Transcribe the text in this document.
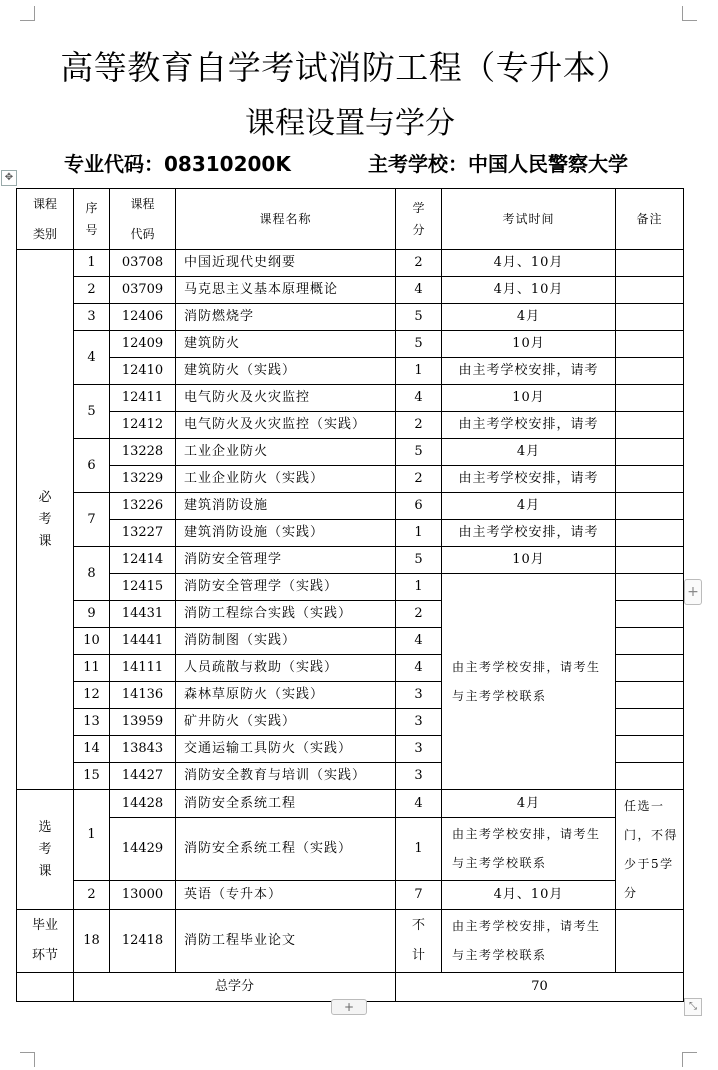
高等教育自学考试消防工程（专升本）
课程设置与学分
专业代码：08310200K	主考学校：中国人民警察大学
✥
课程类别	序号	课程代码	课程名称	学分	考试时间	备注
必考课	1	03708	中国近现代史纲要	2	4月、10月	
	2	03709	马克思主义基本原理概论	4	4月、10月	
	3	12406	消防燃烧学	5	4月	
	4	12409	建筑防火	5	10月	
		12410	建筑防火（实践）	1	由主考学校安排，请考	
	5	12411	电气防火及火灾监控	4	10月	
		12412	电气防火及火灾监控（实践）	2	由主考学校安排，请考	
	6	13228	工业企业防火	5	4月	
		13229	工业企业防火（实践）	2	由主考学校安排，请考	
	7	13226	建筑消防设施	6	4月	
		13227	建筑消防设施（实践）	1	由主考学校安排，请考	
	8	12414	消防安全管理学	5	10月	
		12415	消防安全管理学（实践）	1	由主考学校安排，请考生与主考学校联系	
	9	14431	消防工程综合实践（实践）	2		
	10	14441	消防制图（实践）	4		
	11	14111	人员疏散与救助（实践）	4		
	12	14136	森林草原防火（实践）	3		
	13	13959	矿井防火（实践）	3		
	14	13843	交通运输工具防火（实践）	3		
	15	14427	消防安全教育与培训（实践）	3		
选考课	1	14428	消防安全系统工程	4	4月	任选一门，不得少于5学分
		14429	消防安全系统工程（实践）	1	由主考学校安排，请考生与主考学校联系	
	2	13000	英语（专升本）	7	4月、10月	
毕业环节	18	12418	消防工程毕业论文	不计	由主考学校安排，请考生与主考学校联系	
	总学分			70		
+
+	⤡
